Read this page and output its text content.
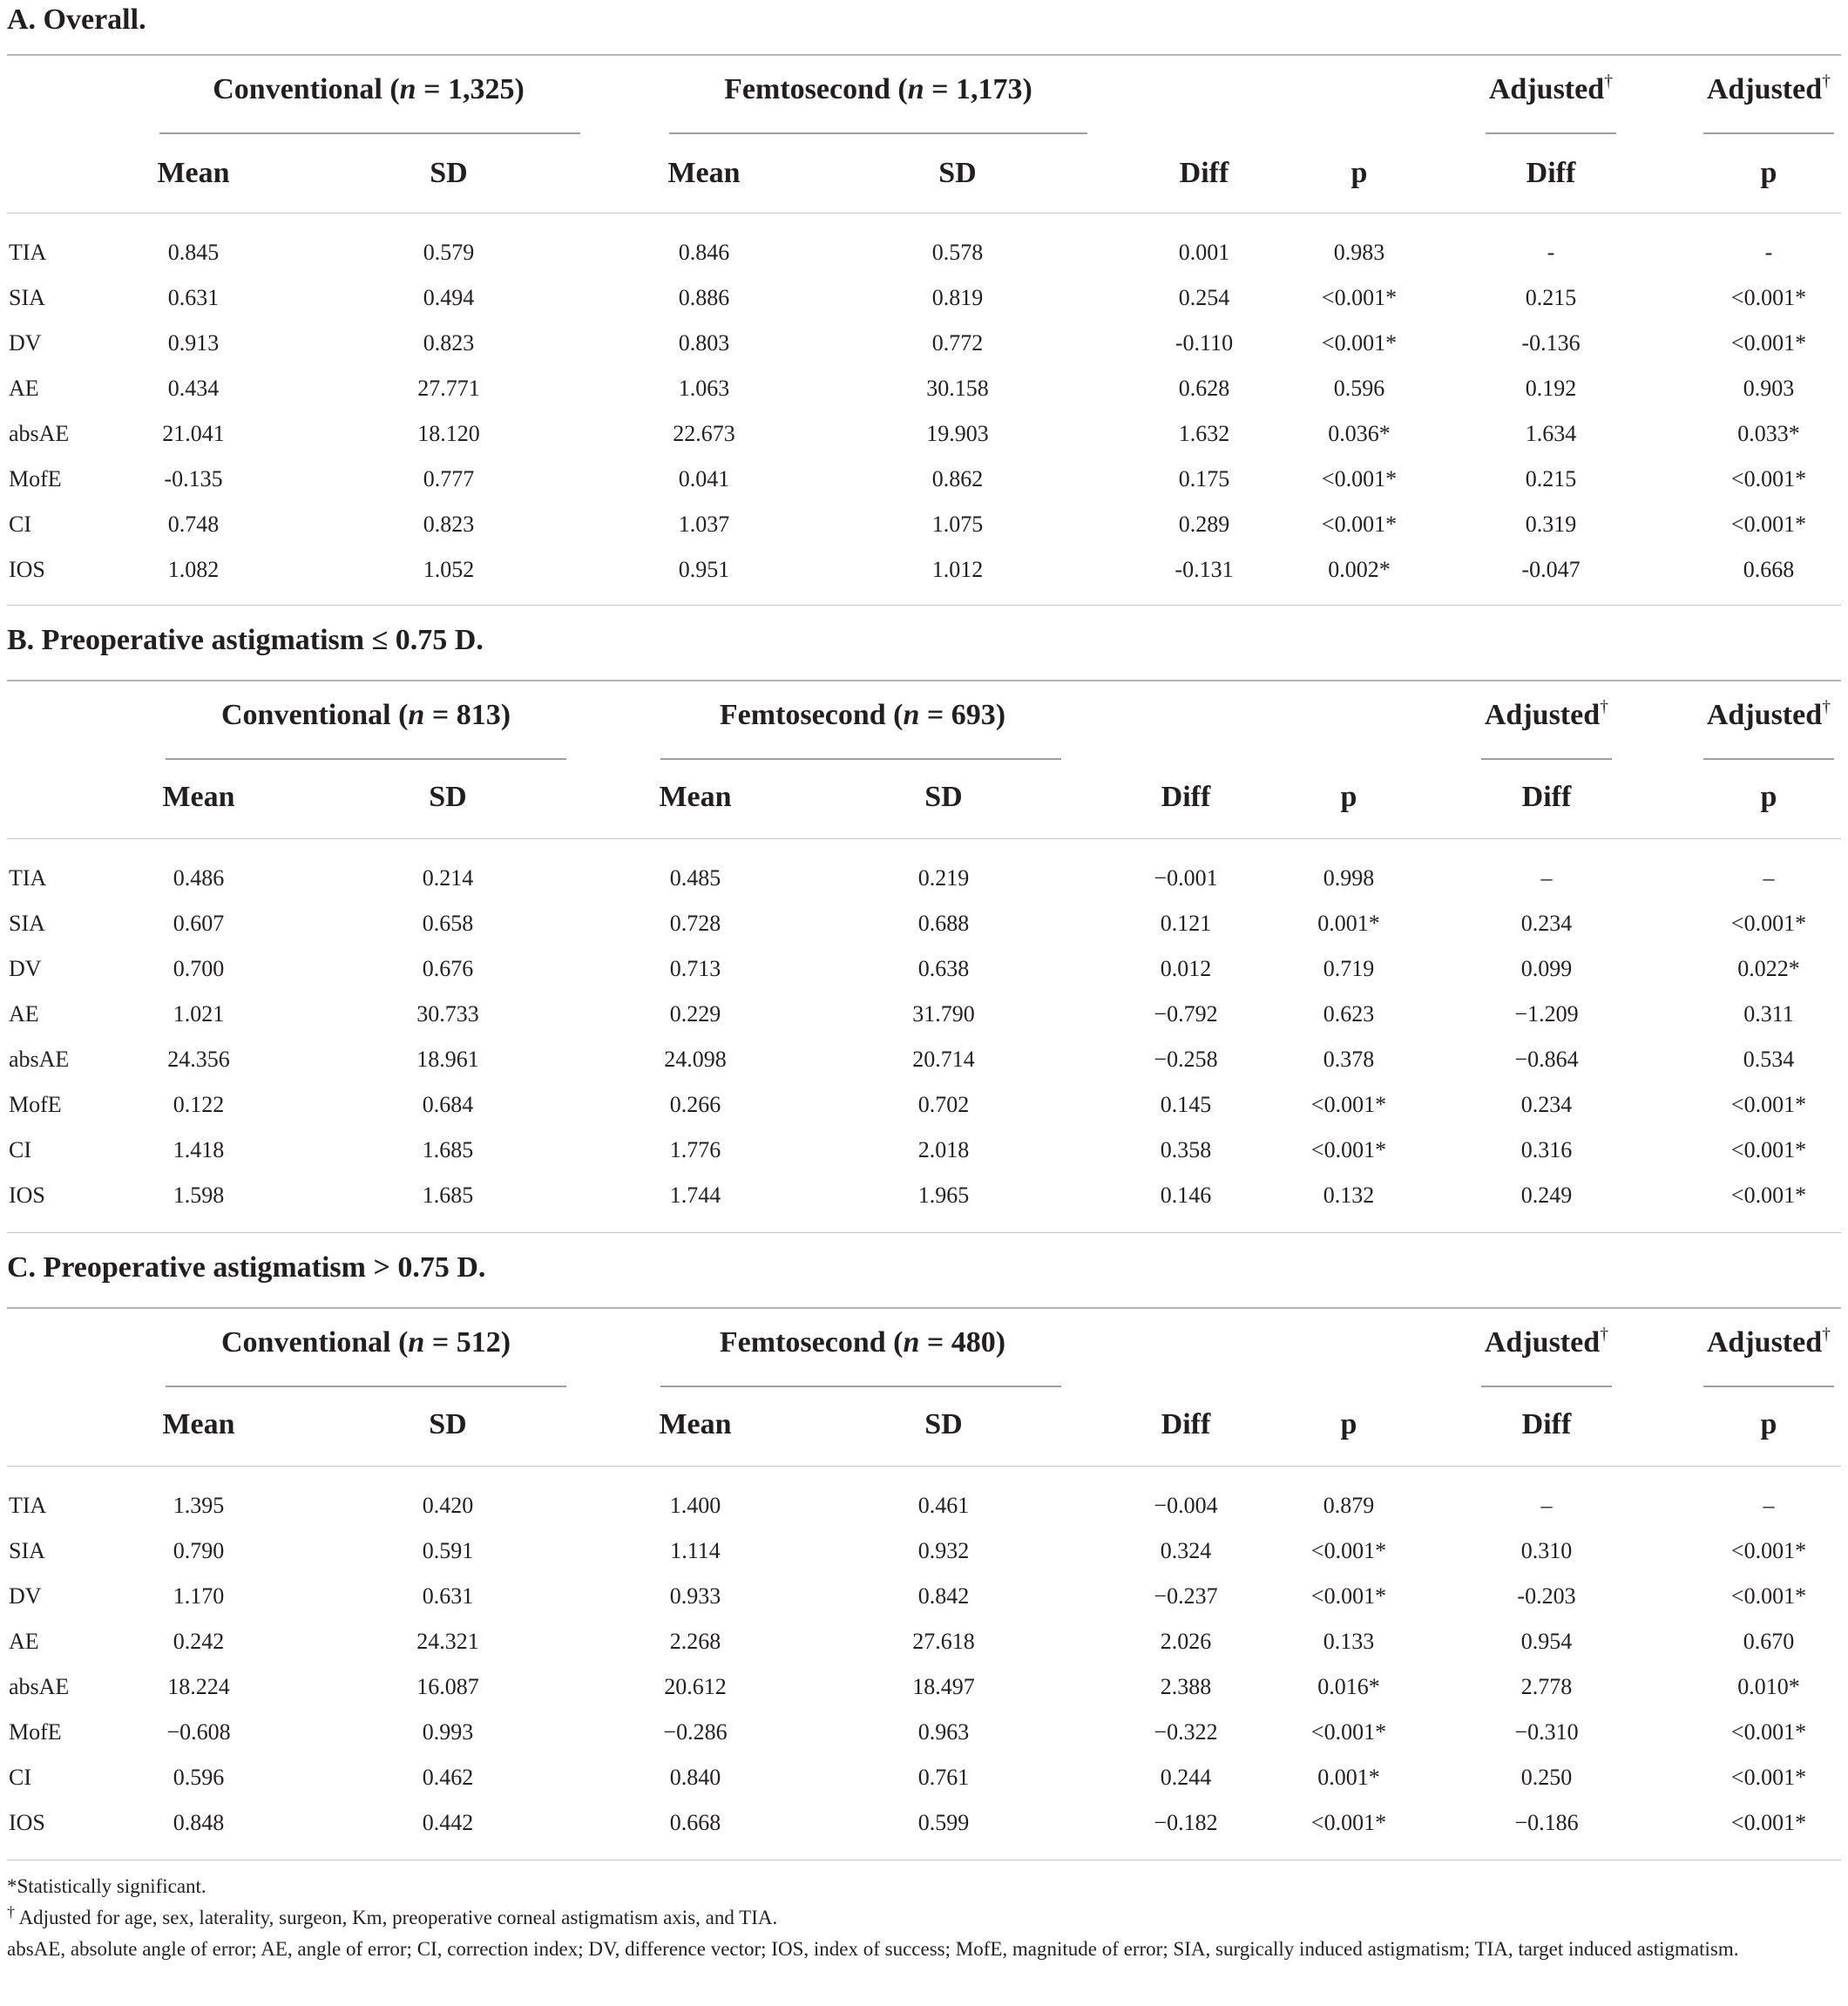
A. Overall.
Conventional (n = 1,325)	Femtosecond (n = 1,173)	Adjusted†	Adjusted†
Mean	SD	Mean	SD	Diff	p	Diff	p
TIA	0.845	0.579	0.846	0.578	0.001	0.983	-	-
SIA	0.631	0.494	0.886	0.819	0.254	<0.001*	0.215	<0.001*
DV	0.913	0.823	0.803	0.772	-0.110	<0.001*	-0.136	<0.001*
AE	0.434	27.771	1.063	30.158	0.628	0.596	0.192	0.903
absAE	21.041	18.120	22.673	19.903	1.632	0.036*	1.634	0.033*
MofE	-0.135	0.777	0.041	0.862	0.175	<0.001*	0.215	<0.001*
CI	0.748	0.823	1.037	1.075	0.289	<0.001*	0.319	<0.001*
IOS	1.082	1.052	0.951	1.012	-0.131	0.002*	-0.047	0.668
B. Preoperative astigmatism ≤ 0.75 D.
Conventional (n = 813)	Femtosecond (n = 693)	Adjusted†	Adjusted†
Mean	SD	Mean	SD	Diff	p	Diff	p
TIA	0.486	0.214	0.485	0.219	−0.001	0.998	–	–
SIA	0.607	0.658	0.728	0.688	0.121	0.001*	0.234	<0.001*
DV	0.700	0.676	0.713	0.638	0.012	0.719	0.099	0.022*
AE	1.021	30.733	0.229	31.790	−0.792	0.623	−1.209	0.311
absAE	24.356	18.961	24.098	20.714	−0.258	0.378	−0.864	0.534
MofE	0.122	0.684	0.266	0.702	0.145	<0.001*	0.234	<0.001*
CI	1.418	1.685	1.776	2.018	0.358	<0.001*	0.316	<0.001*
IOS	1.598	1.685	1.744	1.965	0.146	0.132	0.249	<0.001*
C. Preoperative astigmatism > 0.75 D.
Conventional (n = 512)	Femtosecond (n = 480)	Adjusted†	Adjusted†
Mean	SD	Mean	SD	Diff	p	Diff	p
TIA	1.395	0.420	1.400	0.461	−0.004	0.879	–	–
SIA	0.790	0.591	1.114	0.932	0.324	<0.001*	0.310	<0.001*
DV	1.170	0.631	0.933	0.842	−0.237	<0.001*	-0.203	<0.001*
AE	0.242	24.321	2.268	27.618	2.026	0.133	0.954	0.670
absAE	18.224	16.087	20.612	18.497	2.388	0.016*	2.778	0.010*
MofE	−0.608	0.993	−0.286	0.963	−0.322	<0.001*	−0.310	<0.001*
CI	0.596	0.462	0.840	0.761	0.244	0.001*	0.250	<0.001*
IOS	0.848	0.442	0.668	0.599	−0.182	<0.001*	−0.186	<0.001*
*Statistically significant.
† Adjusted for age, sex, laterality, surgeon, Km, preoperative corneal astigmatism axis, and TIA.
absAE, absolute angle of error; AE, angle of error; CI, correction index; DV, difference vector; IOS, index of success; MofE, magnitude of error; SIA, surgically induced astigmatism; TIA, target induced astigmatism.
